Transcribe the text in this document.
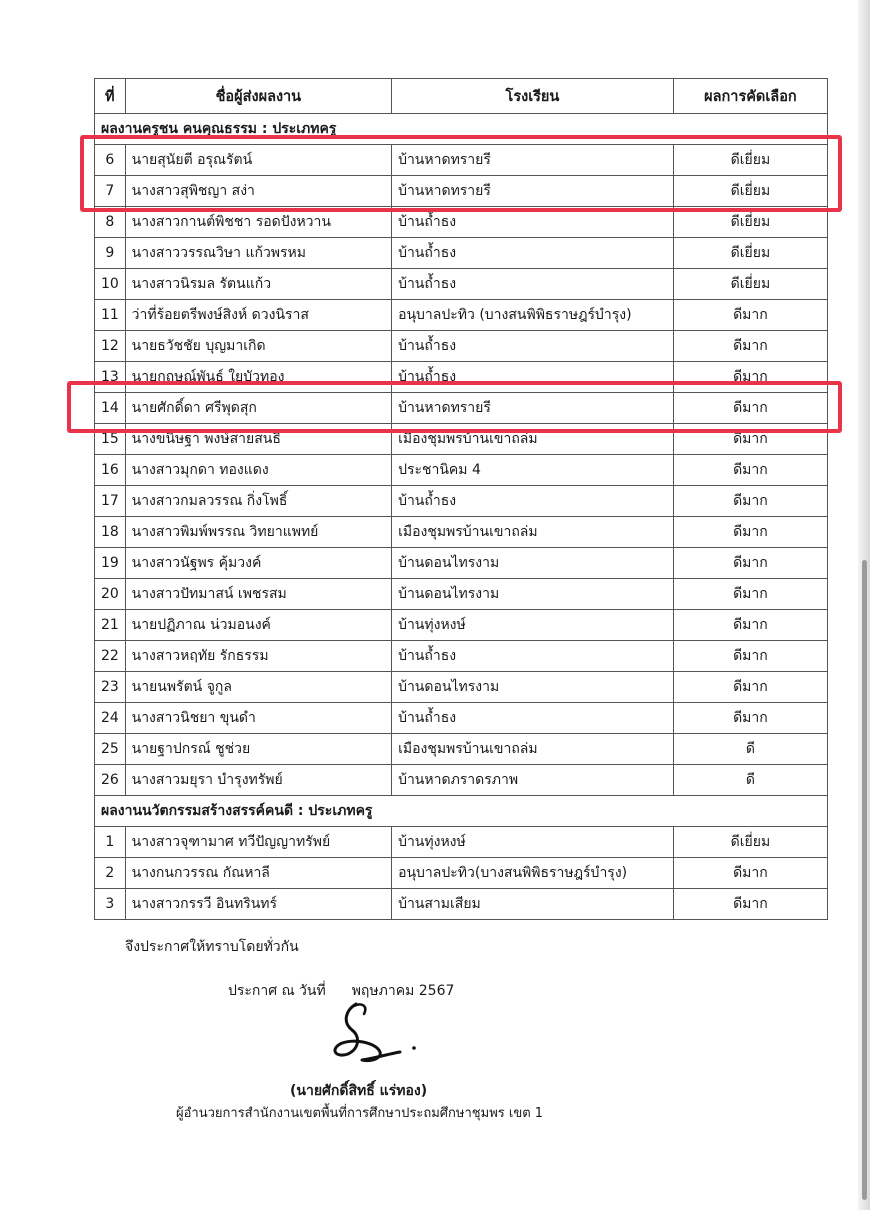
ที่	ชื่อผู้ส่งผลงาน	โรงเรียน	ผลการคัดเลือก
ผลงานครูชน คนคุณธรรม : ประเภทครู			
6	นายสุนัยตี อรุณรัตน์	บ้านหาดทรายรี	ดีเยี่ยม
7	นางสาวสุพิชญา สง่า	บ้านหาดทรายรี	ดีเยี่ยม
8	นางสาวกานต์พิชชา รอดปังหวาน	บ้านถ้ำธง	ดีเยี่ยม
9	นางสาววรรณวิษา แก้วพรหม	บ้านถ้ำธง	ดีเยี่ยม
10	นางสาวนิรมล รัตนแก้ว	บ้านถ้ำธง	ดีเยี่ยม
11	ว่าที่ร้อยตรีพงษ์สิงห์ ดวงนิราส	อนุบาลปะทิว (บางสนพิพิธราษฎร์บำรุง)	ดีมาก
12	นายธวัชชัย บุญมาเกิด	บ้านถ้ำธง	ดีมาก
13	นายกฤษณ์พันธ์ ใยบัวทอง	บ้านถ้ำธง	ดีมาก
14	นายศักดิ์ดา ศรีพุดสุก	บ้านหาดทรายรี	ดีมาก
15	นางขนิษฐา พงษ์สายสนธิ	เมืองชุมพรบ้านเขาถล่ม	ดีมาก
16	นางสาวมุกดา ทองแดง	ประชานิคม 4	ดีมาก
17	นางสาวกมลวรรณ กิ่งโพธิ์	บ้านถ้ำธง	ดีมาก
18	นางสาวพิมพ์พรรณ วิทยาแพทย์	เมืองชุมพรบ้านเขาถล่ม	ดีมาก
19	นางสาวนัฐพร คุ้มวงค์	บ้านดอนไทรงาม	ดีมาก
20	นางสาวปัทมาสน์ เพชรสม	บ้านดอนไทรงาม	ดีมาก
21	นายปฏิภาณ น่วมอนงค์	บ้านทุ่งหงษ์	ดีมาก
22	นางสาวหฤทัย รักธรรม	บ้านถ้ำธง	ดีมาก
23	นายนพรัตน์ จูกูล	บ้านดอนไทรงาม	ดีมาก
24	นางสาวนิชยา ขุนดำ	บ้านถ้ำธง	ดีมาก
25	นายฐาปกรณ์ ชูช่วย	เมืองชุมพรบ้านเขาถล่ม	ดี
26	นางสาวมยุรา บำรุงทรัพย์	บ้านหาดภราดรภาพ	ดี
ผลงานนวัตกรรมสร้างสรรค์คนดี : ประเภทครู			
1	นางสาวจุฑามาศ ทวีปัญญาทรัพย์	บ้านทุ่งหงษ์	ดีเยี่ยม
2	นางกนกวรรณ กัณหาลี	อนุบาลปะทิว(บางสนพิพิธราษฎร์บำรุง)	ดีมาก
3	นางสาวกรรวี อินทรินทร์	บ้านสามเสียม	ดีมาก
จึงประกาศให้ทราบโดยทั่วกัน
ประกาศ ณ วันที่ พฤษภาคม 2567
(นายศักดิ์สิทธิ์ แร่ทอง)
ผู้อำนวยการสำนักงานเขตพื้นที่การศึกษาประถมศึกษาชุมพร เขต 1
